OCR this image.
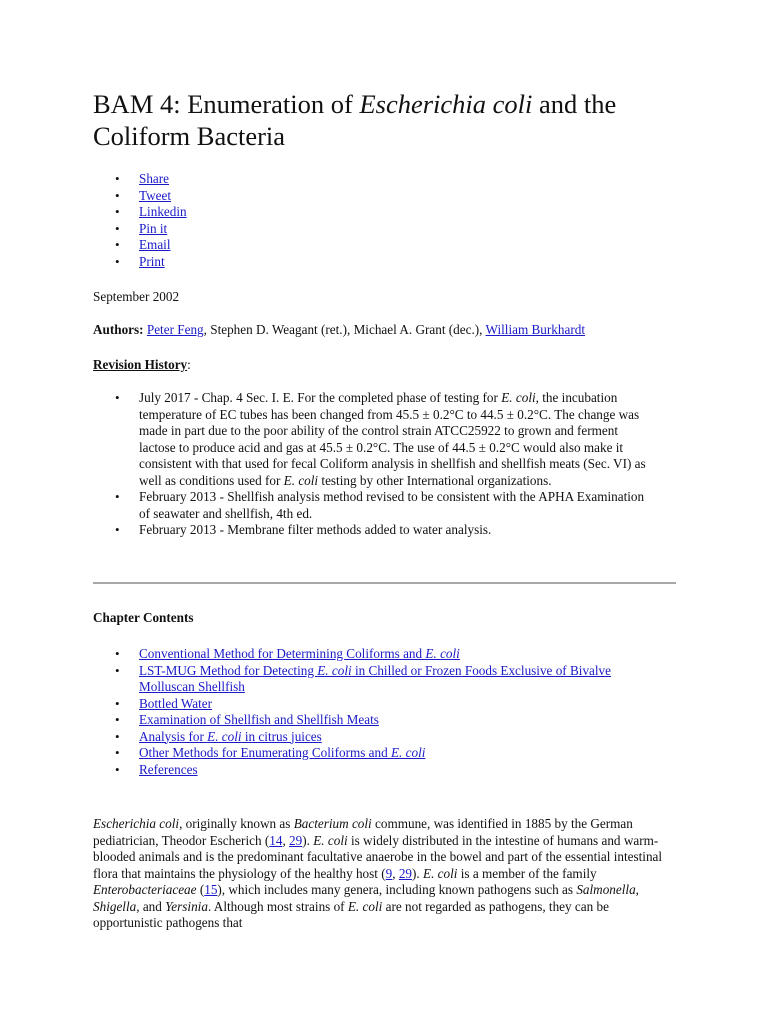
BAM 4: Enumeration of Escherichia coli and the Coliform Bacteria
• Share
• Tweet
• Linkedin
• Pin it
• Email
• Print
September 2002
Authors: Peter Feng, Stephen D. Weagant (ret.), Michael A. Grant (dec.), William Burkhardt
Revision History:
• July 2017 - Chap. 4 Sec. I. E. For the completed phase of testing for E. coli, the incubation temperature of EC tubes has been changed from 45.5 ± 0.2°C to 44.5 ± 0.2°C. The change was made in part due to the poor ability of the control strain ATCC25922 to grown and ferment lactose to produce acid and gas at 45.5 ± 0.2°C. The use of 44.5 ± 0.2°C would also make it consistent with that used for fecal Coliform analysis in shellfish and shellfish meats (Sec. VI) as well as conditions used for E. coli testing by other International organizations.
• February 2013 - Shellfish analysis method revised to be consistent with the APHA Examination of seawater and shellfish, 4th ed.
• February 2013 - Membrane filter methods added to water analysis.
Chapter Contents
• Conventional Method for Determining Coliforms and E. coli
• LST-MUG Method for Detecting E. coli in Chilled or Frozen Foods Exclusive of Bivalve Molluscan Shellfish
• Bottled Water
• Examination of Shellfish and Shellfish Meats
• Analysis for E. coli in citrus juices
• Other Methods for Enumerating Coliforms and E. coli
• References

Escherichia coli, originally known as Bacterium coli commune, was identified in 1885 by the German pediatrician, Theodor Escherich (14, 29). E. coli is widely distributed in the intestine of humans and warm-blooded animals and is the predominant facultative anaerobe in the bowel and part of the essential intestinal flora that maintains the physiology of the healthy host (9, 29). E. coli is a member of the family Enterobacteriaceae (15), which includes many genera, including known pathogens such as Salmonella, Shigella, and Yersinia. Although most strains of E. coli are not regarded as pathogens, they can be opportunistic pathogens that
